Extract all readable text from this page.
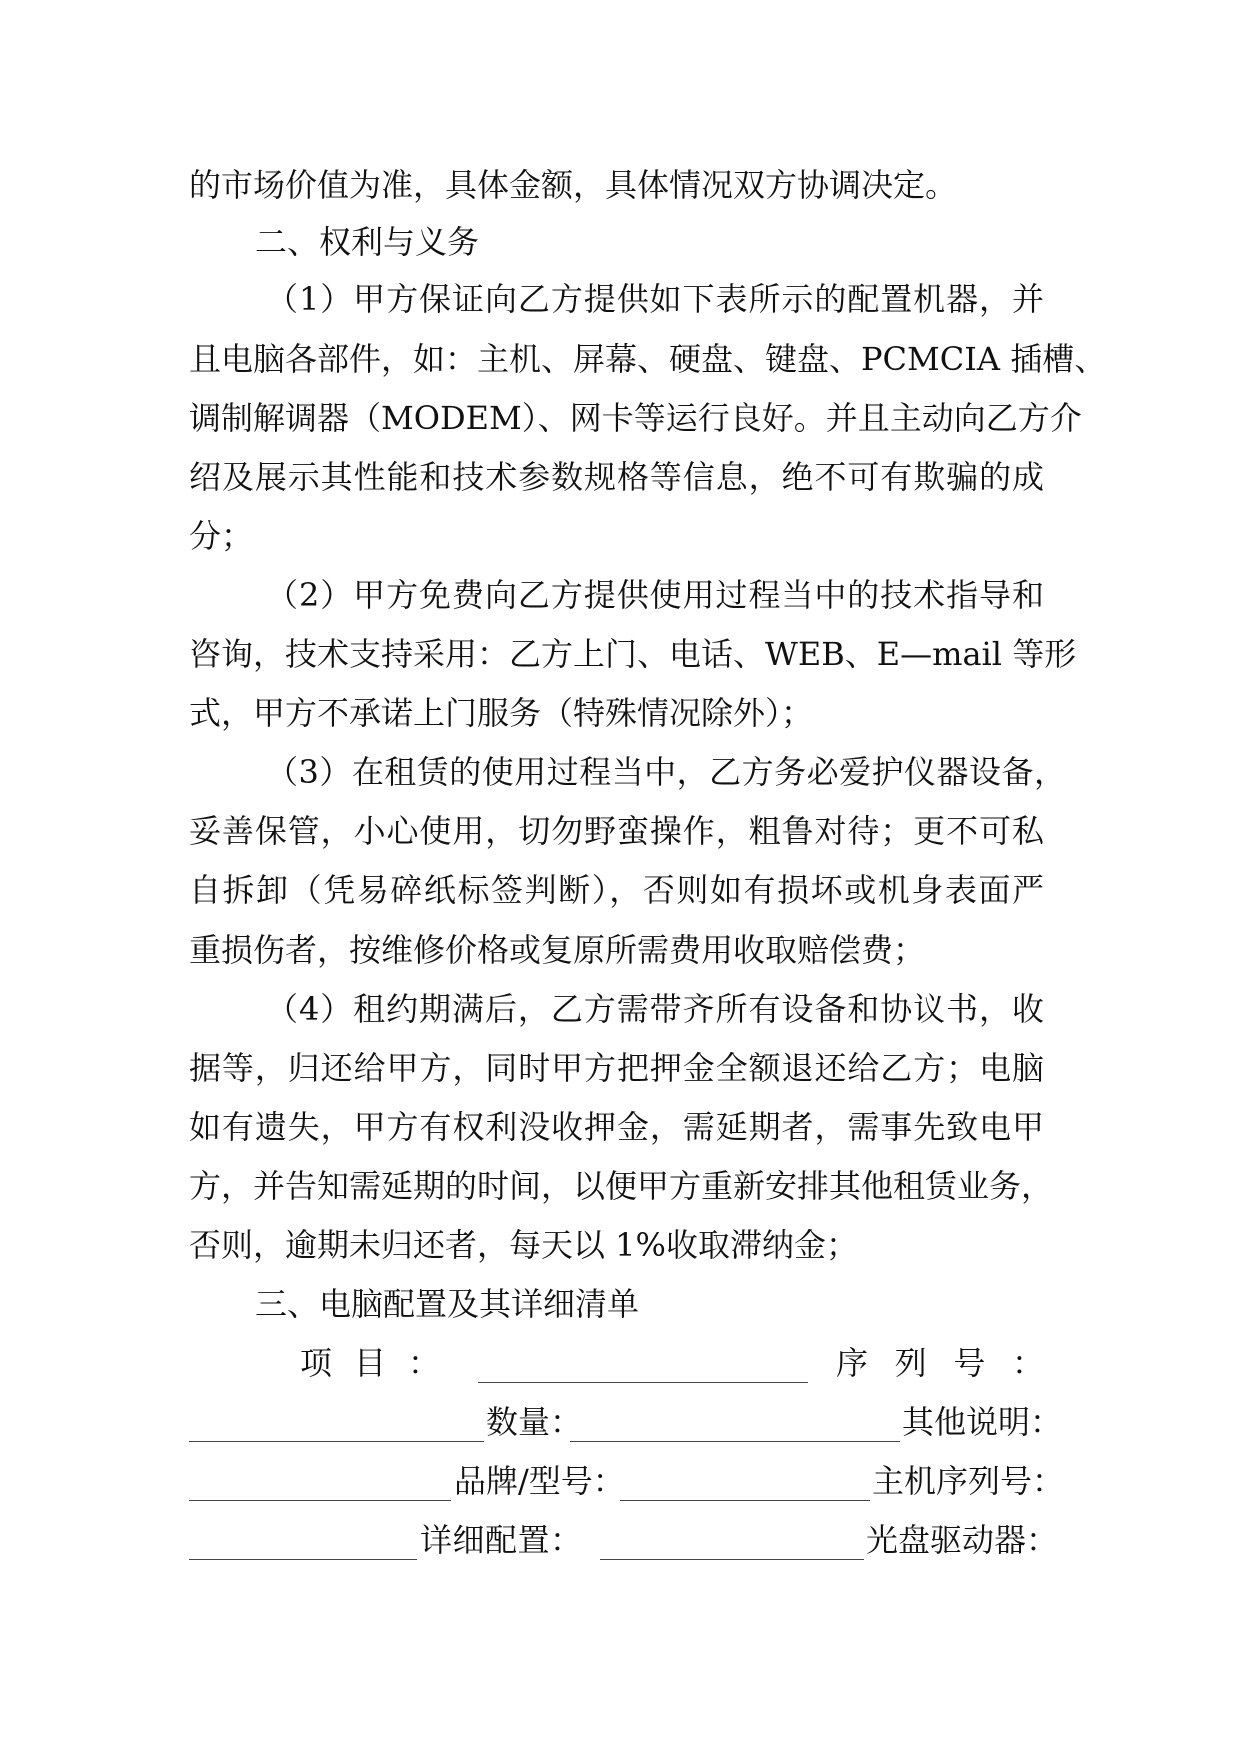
的市场价值为准，具体金额，具体情况双方协调决定。
二、权利与义务
（1）甲方保证向乙方提供如下表所示的配置机器，并
且电脑各部件，如：主机、屏幕、硬盘、键盘、PCMCIA 插槽、
调制解调器（MODEM）、网卡等运行良好。并且主动向乙方介
绍及展示其性能和技术参数规格等信息，绝不可有欺骗的成
分；
（2）甲方免费向乙方提供使用过程当中的技术指导和
咨询，技术支持采用：乙方上门、电话、WEB、E—mail 等形
式，甲方不承诺上门服务（特殊情况除外）；
（3）在租赁的使用过程当中，乙方务必爱护仪器设备，
妥善保管，小心使用，切勿野蛮操作，粗鲁对待；更不可私
自拆卸（凭易碎纸标签判断），否则如有损坏或机身表面严
重损伤者，按维修价格或复原所需费用收取赔偿费；
（4）租约期满后，乙方需带齐所有设备和协议书，收
据等，归还给甲方，同时甲方把押金全额退还给乙方；电脑
如有遗失，甲方有权利没收押金，需延期者，需事先致电甲
方，并告知需延期的时间，以便甲方重新安排其他租赁业务，
否则，逾期未归还者，每天以 1%收取滞纳金；
三、电脑配置及其详细清单
项 目 ：	序 列 号 ：
数量：	其他说明：
品牌/型号：	主机序列号：
详细配置：	光盘驱动器：
